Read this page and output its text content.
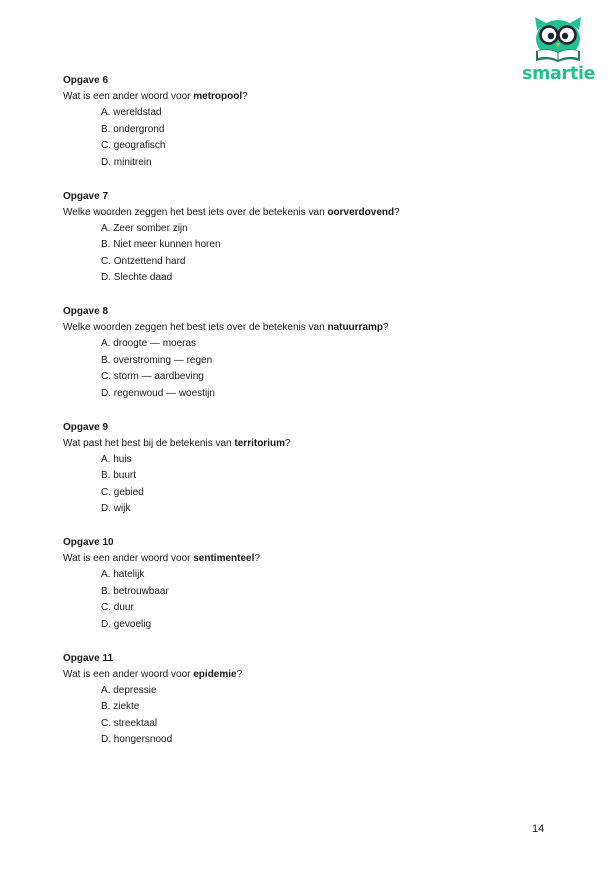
smartie
Opgave 6
Wat is een ander woord voor metropool?
A. wereldstad
B. ondergrond
C. geografisch
D. minitrein
Opgave 7
Welke woorden zeggen het best iets over de betekenis van oorverdovend?
A. Zeer somber zijn
B. Niet meer kunnen horen
C. Ontzettend hard
D. Slechte daad
Opgave 8
Welke woorden zeggen het best iets over de betekenis van natuurramp?
A. droogte — moeras
B. overstroming — regen
C. storm — aardbeving
D. regenwoud — woestijn
Opgave 9
Wat past het best bij de betekenis van territorium?
A. huis
B. buurt
C. gebied
D. wijk
Opgave 10
Wat is een ander woord voor sentimenteel?
A. hatelijk
B. betrouwbaar
C. duur
D. gevoelig
Opgave 11
Wat is een ander woord voor epidemie?
A. depressie
B. ziekte
C. streektaal
D. hongersnood
14
